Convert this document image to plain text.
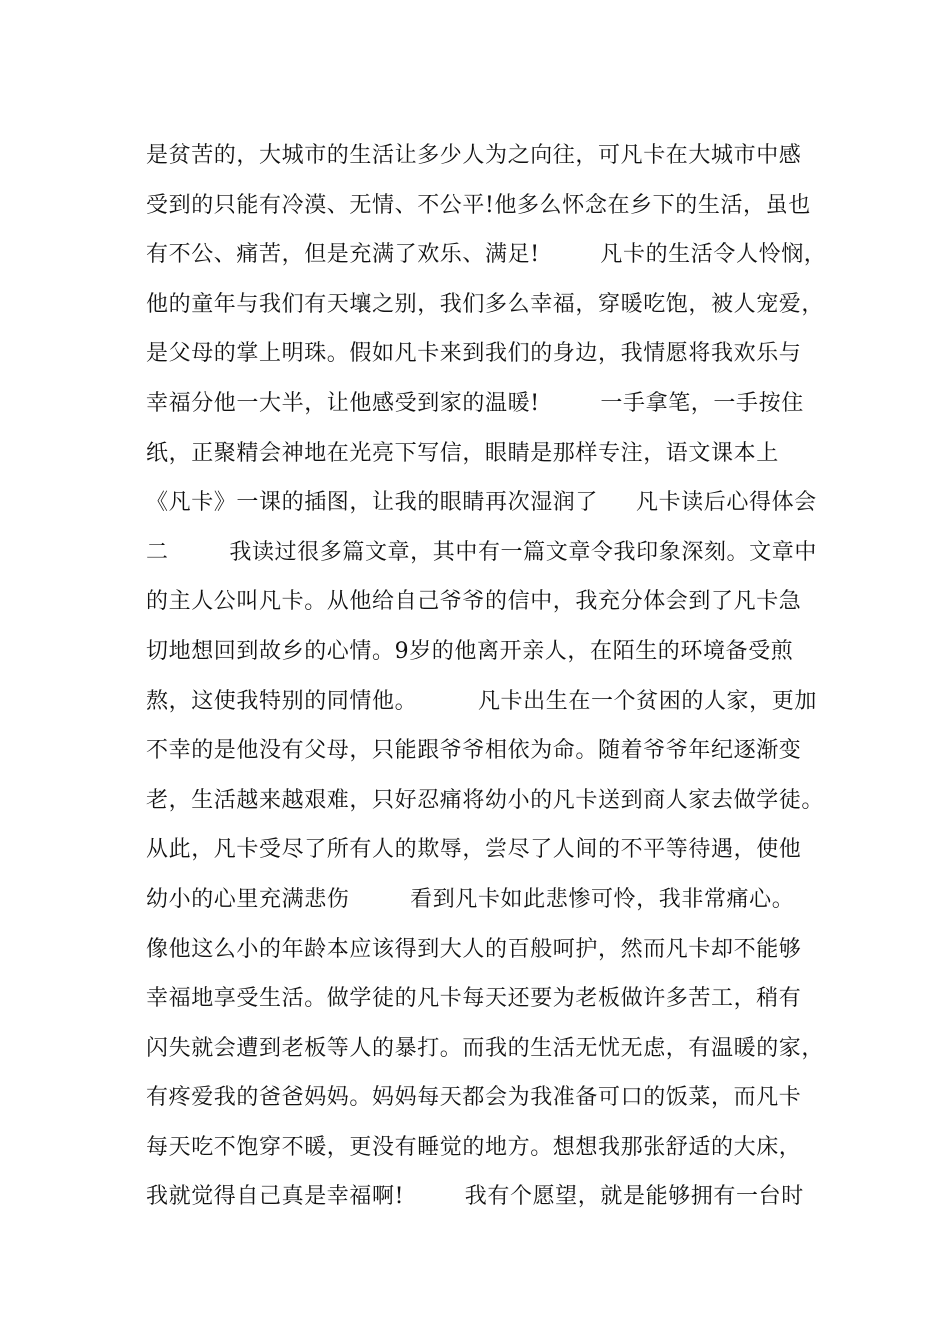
是贫苦的，大城市的生活让多少人为之向往，可凡卡在大城市中感
受到的只能有冷漠、无情、不公平!他多么怀念在乡下的生活，虽也
有不公、痛苦，但是充满了欢乐、满足!        凡卡的生活令人怜悯，
他的童年与我们有天壤之别，我们多么幸福，穿暖吃饱，被人宠爱，
是父母的掌上明珠。假如凡卡来到我们的身边，我情愿将我欢乐与
幸福分他一大半，让他感受到家的温暖!        一手拿笔，一手按住
纸，正聚精会神地在光亮下写信，眼睛是那样专注，语文课本上
《凡卡》一课的插图，让我的眼睛再次湿润了     凡卡读后心得体会
二        我读过很多篇文章，其中有一篇文章令我印象深刻。文章中
的主人公叫凡卡。从他给自己爷爷的信中，我充分体会到了凡卡急
切地想回到故乡的心情。9岁的他离开亲人，在陌生的环境备受煎
熬，这使我特别的同情他。        凡卡出生在一个贫困的人家，更加
不幸的是他没有父母，只能跟爷爷相依为命。随着爷爷年纪逐渐变
老，生活越来越艰难，只好忍痛将幼小的凡卡送到商人家去做学徒。
从此，凡卡受尽了所有人的欺辱，尝尽了人间的不平等待遇，使他
幼小的心里充满悲伤        看到凡卡如此悲惨可怜，我非常痛心。
像他这么小的年龄本应该得到大人的百般呵护，然而凡卡却不能够
幸福地享受生活。做学徒的凡卡每天还要为老板做许多苦工，稍有
闪失就会遭到老板等人的暴打。而我的生活无忧无虑，有温暖的家，
有疼爱我的爸爸妈妈。妈妈每天都会为我准备可口的饭菜，而凡卡
每天吃不饱穿不暖，更没有睡觉的地方。想想我那张舒适的大床，
我就觉得自己真是幸福啊!        我有个愿望，就是能够拥有一台时
